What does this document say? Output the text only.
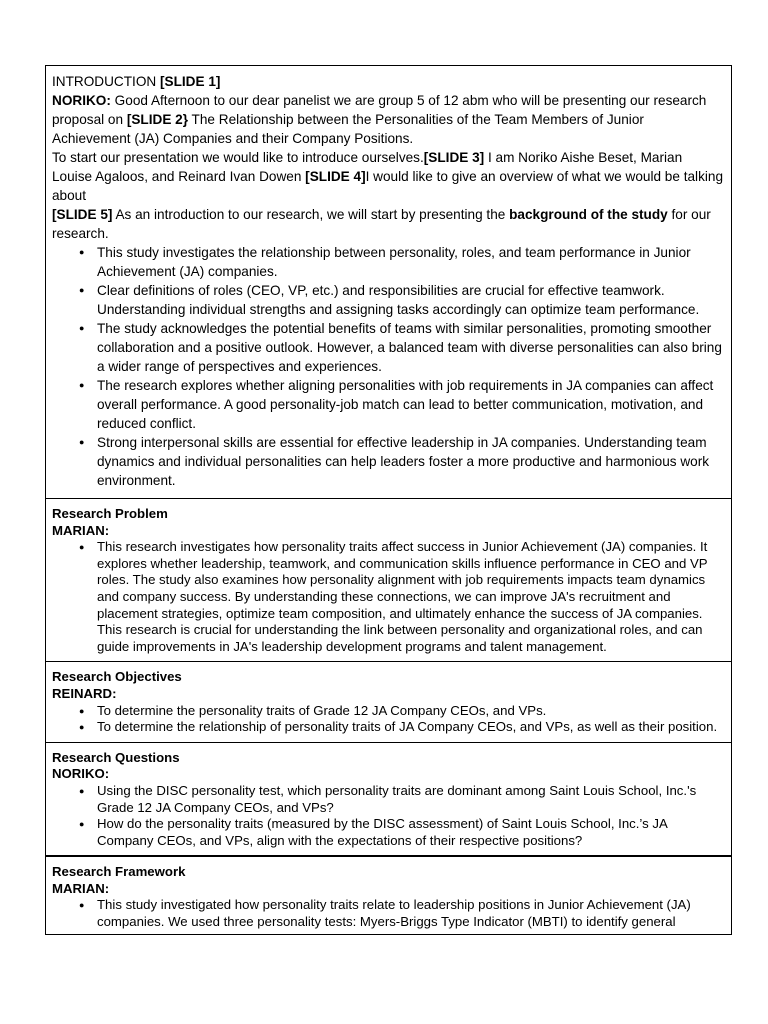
INTRODUCTION [SLIDE 1]
NORIKO: Good Afternoon to our dear panelist we are group 5 of 12 abm who will be presenting our research proposal on [SLIDE 2} The Relationship between the Personalities of the Team Members of Junior Achievement (JA) Companies and their Company Positions.

To start our presentation we would like to introduce ourselves.[SLIDE 3] I am Noriko Aishe Beset, Marian Louise Agaloos, and Reinard Ivan Dowen [SLIDE 4]I would like to give an overview of what we would be talking about

[SLIDE 5] As an introduction to our research, we will start by presenting the background of the study for our research.

● This study investigates the relationship between personality, roles, and team performance in Junior Achievement (JA) companies.
● Clear definitions of roles (CEO, VP, etc.) and responsibilities are crucial for effective teamwork. Understanding individual strengths and assigning tasks accordingly can optimize team performance.
● The study acknowledges the potential benefits of teams with similar personalities, promoting smoother collaboration and a positive outlook. However, a balanced team with diverse personalities can also bring a wider range of perspectives and experiences.
● The research explores whether aligning personalities with job requirements in JA companies can affect overall performance. A good personality-job match can lead to better communication, motivation, and reduced conflict.
● Strong interpersonal skills are essential for effective leadership in JA companies. Understanding team dynamics and individual personalities can help leaders foster a more productive and harmonious work environment.

Research Problem

MARIAN:

● This research investigates how personality traits affect success in Junior Achievement (JA) companies. It explores whether leadership, teamwork, and communication skills influence performance in CEO and VP roles. The study also examines how personality alignment with job requirements impacts team dynamics and company success. By understanding these connections, we can improve JA's recruitment and placement strategies, optimize team composition, and ultimately enhance the success of JA companies. This research is crucial for understanding the link between personality and organizational roles, and can guide improvements in JA's leadership development programs and talent management.

Research Objectives

REINARD:

● To determine the personality traits of Grade 12 JA Company CEOs, and VPs.
● To determine the relationship of personality traits of JA Company CEOs, and VPs, as well as their position.

Research Questions

NORIKO:

● Using the DISC personality test, which personality traits are dominant among Saint Louis School, Inc.'s Grade 12 JA Company CEOs, and VPs?
● How do the personality traits (measured by the DISC assessment) of Saint Louis School, Inc.’s JA Company CEOs, and VPs, align with the expectations of their respective positions?

Research Framework

MARIAN:

● This study investigated how personality traits relate to leadership positions in Junior Achievement (JA) companies. We used three personality tests: Myers-Briggs Type Indicator (MBTI) to identify general
